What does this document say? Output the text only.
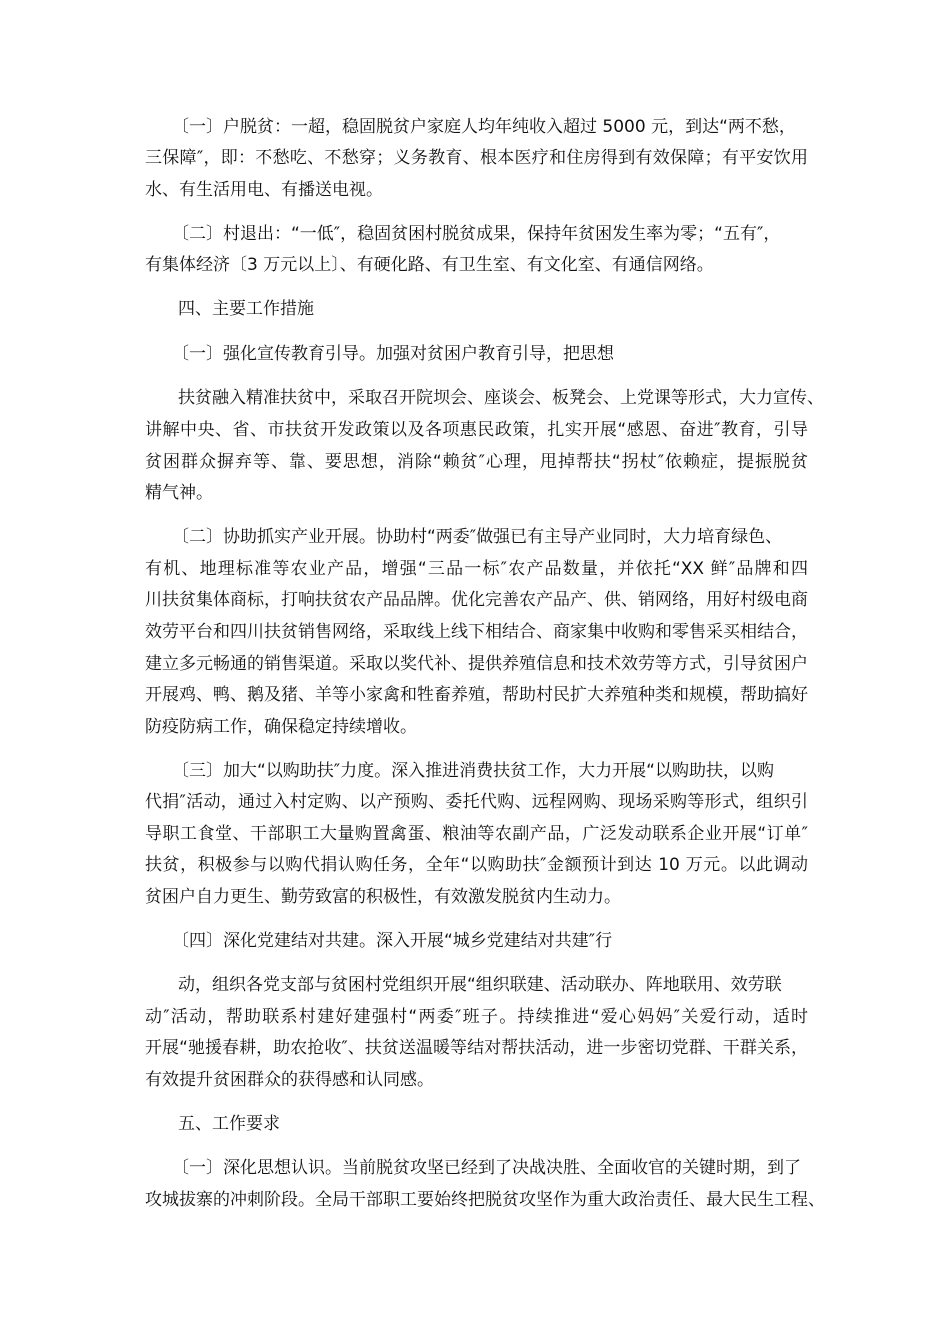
〔一〕户脱贫：一超，稳固脱贫户家庭人均年纯收入超过 5000 元，到达“两不愁，
三保障″，即：不愁吃、不愁穿；义务教育、根本医疗和住房得到有效保障；有平安饮用
水、有生活用电、有播送电视。
〔二〕村退出：“一低″，稳固贫困村脱贫成果，保持年贫困发生率为零；“五有″，
有集体经济〔3 万元以上〕、有硬化路、有卫生室、有文化室、有通信网络。
四、主要工作措施
〔一〕强化宣传教育引导。加强对贫困户教育引导，把思想
扶贫融入精准扶贫中，采取召开院坝会、座谈会、板凳会、上党课等形式，大力宣传、
讲解中央、省、市扶贫开发政策以及各项惠民政策，扎实开展“感恩、奋进″教育，引导
贫困群众摒弃等、靠、要思想，消除“赖贫″心理，甩掉帮扶“拐杖″依赖症，提振脱贫
精气神。
〔二〕协助抓实产业开展。协助村“两委″做强已有主导产业同时，大力培育绿色、
有机、地理标准等农业产品，增强“三品一标″农产品数量，并依托“XX 鲜″品牌和四
川扶贫集体商标，打响扶贫农产品品牌。优化完善农产品产、供、销网络，用好村级电商
效劳平台和四川扶贫销售网络，采取线上线下相结合、商家集中收购和零售采买相结合，
建立多元畅通的销售渠道。采取以奖代补、提供养殖信息和技术效劳等方式，引导贫困户
开展鸡、鸭、鹅及猪、羊等小家禽和牲畜养殖，帮助村民扩大养殖种类和规模，帮助搞好
防疫防病工作，确保稳定持续增收。
〔三〕加大“以购助扶″力度。深入推进消费扶贫工作，大力开展“以购助扶，以购
代捐″活动，通过入村定购、以产预购、委托代购、远程网购、现场采购等形式，组织引
导职工食堂、干部职工大量购置禽蛋、粮油等农副产品，广泛发动联系企业开展“订单″
扶贫，积极参与以购代捐认购任务，全年“以购助扶″金额预计到达 10 万元。以此调动
贫困户自力更生、勤劳致富的积极性，有效激发脱贫内生动力。
〔四〕深化党建结对共建。深入开展“城乡党建结对共建″行
动，组织各党支部与贫困村党组织开展“组织联建、活动联办、阵地联用、效劳联
动″活动，帮助联系村建好建强村“两委″班子。持续推进“爱心妈妈″关爱行动，适时
开展“驰援春耕，助农抢收″、扶贫送温暖等结对帮扶活动，进一步密切党群、干群关系，
有效提升贫困群众的获得感和认同感。
五、工作要求
〔一〕深化思想认识。当前脱贫攻坚已经到了决战决胜、全面收官的关键时期，到了
攻城拔寨的冲刺阶段。全局干部职工要始终把脱贫攻坚作为重大政治责任、最大民生工程、
